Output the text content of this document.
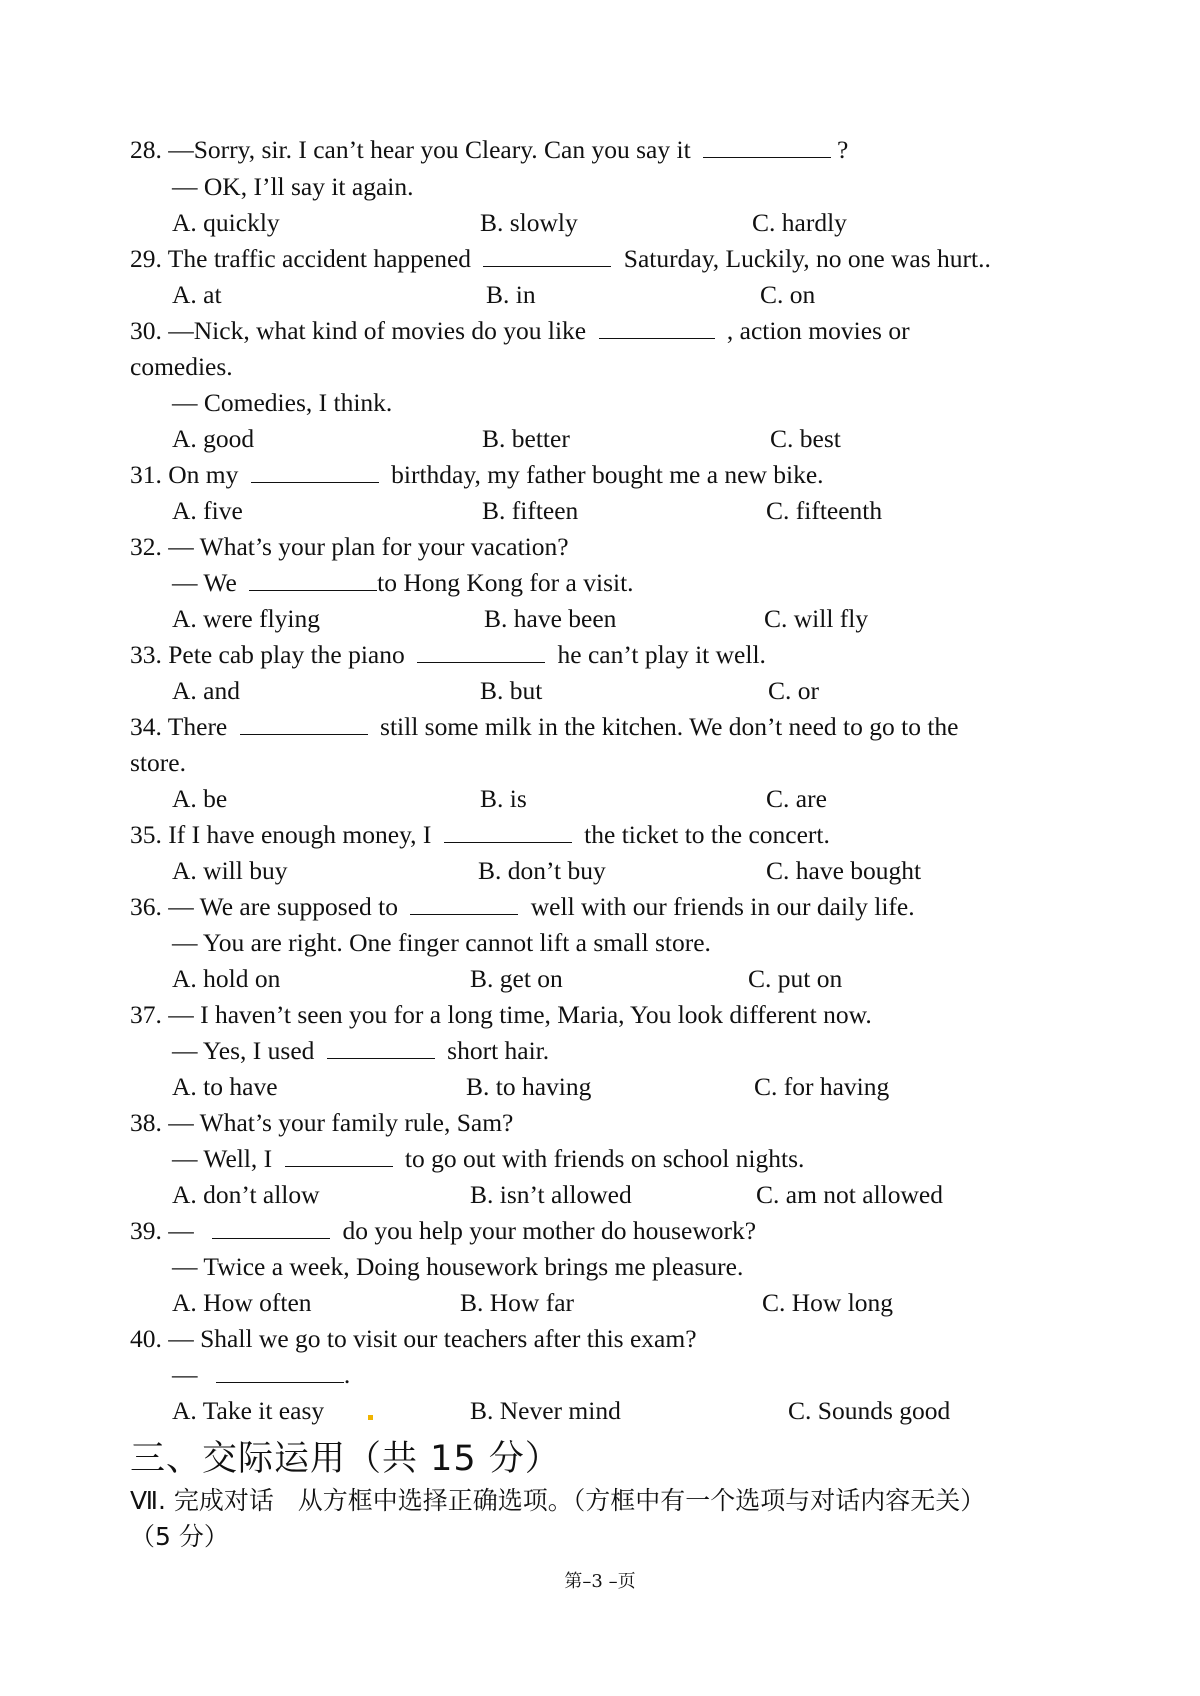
28. —Sorry, sir. I can’t hear you Cleary. Can you say it	?
— OK, I’ll say it again.
A. quickly	B. slowly	C. hardly
29. The traffic accident happened	Saturday, Luckily, no one was hurt..
A. at	B. in	C. on
30. —Nick, what kind of movies do you like	, action movies or
comedies.
— Comedies, I think.
A. good	B. better	C. best
31. On my	birthday, my father bought me a new bike.
A. five	B. fifteen	C. fifteenth
32. — What’s your plan for your vacation?
— We	to Hong Kong for a visit.
A. were flying	B. have been	C. will fly
33. Pete cab play the piano	he can’t play it well.
A. and	B. but	C. or
34. There	still some milk in the kitchen. We don’t need to go to the
store.
A. be	B. is	C. are
35. If I have enough money, I	the ticket to the concert.
A. will buy	B. don’t buy	C. have bought
36. — We are supposed to	well with our friends in our daily life.
— You are right. One finger cannot lift a small store.
A. hold on	B. get on	C. put on
37. — I haven’t seen you for a long time, Maria, You look different now.
— Yes, I used	short hair.
A. to have	B. to having	C. for having
38. — What’s your family rule, Sam?
— Well, I	to go out with friends on school nights.
A. don’t allow	B. isn’t allowed	C. am not allowed
39. —	do you help your mother do housework?
— Twice a week, Doing housework brings me pleasure.
A. How often	B. How far	C. How long
40. — Shall we go to visit our teachers after this exam?
—	.
A. Take it easy	B. Never mind	C. Sounds good
三、交际运用（共 15 分）
Ⅶ. 完成对话   从方框中选择正确选项。（方框中有一个选项与对话内容无关）
（5 分）
第–3 –页
